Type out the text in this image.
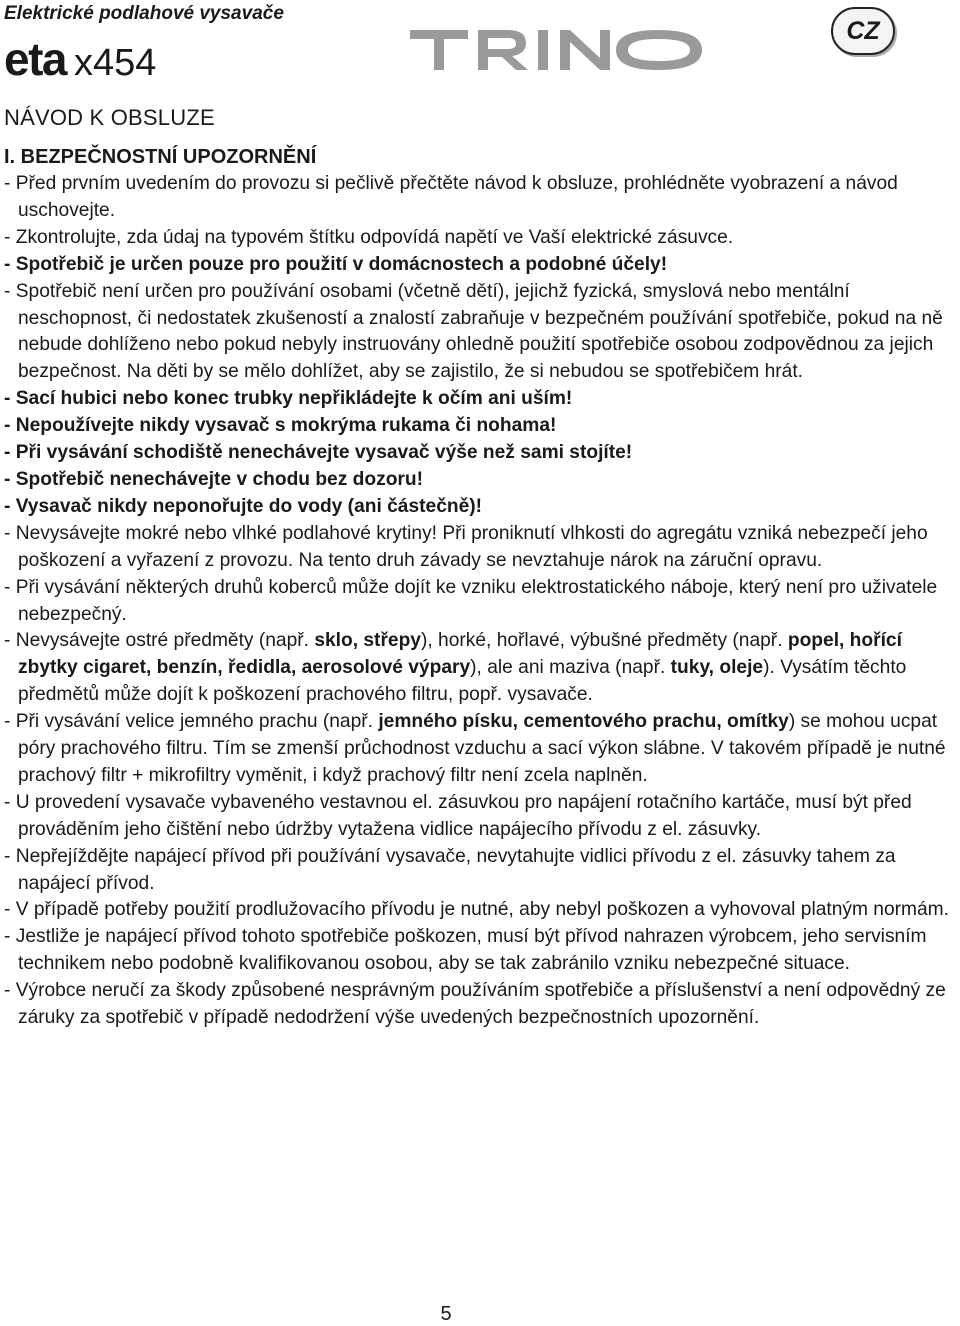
Elektrické podlahové vysavače
eta x454
CZ
NÁVOD K OBSLUZE
I. BEZPEČNOSTNÍ UPOZORNĚNÍ
- Před prvním uvedením do provozu si pečlivě přečtěte návod k obsluze, prohlédněte vyobrazení a návod uschovejte.
- Zkontrolujte, zda údaj na typovém štítku odpovídá napětí ve Vaší elektrické zásuvce.
- Spotřebič je určen pouze pro použití v domácnostech a podobné účely!
- Spotřebič není určen pro používání osobami (včetně dětí), jejichž fyzická, smyslová nebo mentální neschopnost, či nedostatek zkušeností a znalostí zabraňuje v bezpečném používání spotřebiče, pokud na ně nebude dohlíženo nebo pokud nebyly instruovány ohledně použití spotřebiče osobou zodpovědnou za jejich bezpečnost. Na děti by se mělo dohlížet, aby se zajistilo, že si nebudou se spotřebičem hrát.
- Sací hubici nebo konec trubky nepřikládejte k očím ani uším!
- Nepoužívejte nikdy vysavač s mokrýma rukama či nohama!
- Při vysávání schodiště nenechávejte vysavač výše než sami stojíte!
- Spotřebič nenechávejte v chodu bez dozoru!
- Vysavač nikdy neponořujte do vody (ani částečně)!
- Nevysávejte mokré nebo vlhké podlahové krytiny! Při proniknutí vlhkosti do agregátu vzniká nebezpečí jeho poškození a vyřazení z provozu. Na tento druh závady se nevztahuje nárok na záruční opravu.
- Při vysávání některých druhů koberců může dojít ke vzniku elektrostatického náboje, který není pro uživatele nebezpečný.
- Nevysávejte ostré předměty (např. sklo, střepy), horké, hořlavé, výbušné předměty (např. popel, hořící zbytky cigaret, benzín, ředidla, aerosolové výpary), ale ani maziva (např. tuky, oleje). Vysátím těchto předmětů může dojít k poškození prachového filtru, popř. vysavače.
- Při vysávání velice jemného prachu (např. jemného písku, cementového prachu, omítky) se mohou ucpat póry prachového filtru. Tím se zmenší průchodnost vzduchu a sací výkon slábne. V takovém případě je nutné prachový filtr + mikrofiltry vyměnit, i když prachový filtr není zcela naplněn.
- U provedení vysavače vybaveného vestavnou el. zásuvkou pro napájení rotačního kartáče, musí být před prováděním jeho čištění nebo údržby vytažena vidlice napájecího přívodu z el. zásuvky.
- Nepřejíždějte napájecí přívod při používání vysavače, nevytahujte vidlici přívodu z el. zásuvky tahem za napájecí přívod.
- V případě potřeby použití prodlužovacího přívodu je nutné, aby nebyl poškozen a vyhovoval platným normám.
- Jestliže je napájecí přívod tohoto spotřebiče poškozen, musí být přívod nahrazen výrobcem, jeho servisním technikem nebo podobně kvalifikovanou osobou, aby se tak zabránilo vzniku nebezpečné situace.
- Výrobce neručí za škody způsobené nesprávným používáním spotřebiče a příslušenství a není odpovědný ze záruky za spotřebič v případě nedodržení výše uvedených bezpečnostních upozornění.
5
